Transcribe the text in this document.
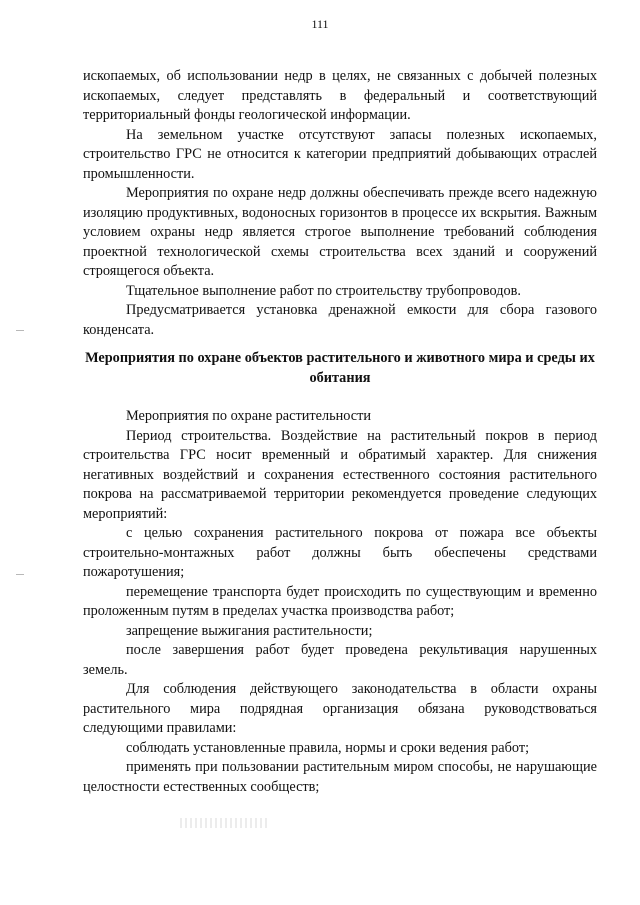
111

ископаемых, об использовании недр в целях, не связанных с добычей полезных ископаемых, следует представлять в федеральный и соответствующий территориальный фонды геологической информации.

На земельном участке отсутствуют запасы полезных ископаемых, строительство ГРС не относится к категории предприятий добывающих отраслей промышленности.

Мероприятия по охране недр должны обеспечивать прежде всего надежную изоляцию продуктивных, водоносных горизонтов в процессе их вскрытия. Важным условием охраны недр является строгое выполнение требований соблюдения проектной технологической схемы строительства всех зданий и сооружений строящегося объекта.

Тщательное выполнение работ по строительству трубопроводов.

Предусматривается установка дренажной емкости для сбора газового конденсата.

Мероприятия по охране объектов растительного и животного мира и среды их обитания

Мероприятия по охране растительности

Период строительства. Воздействие на растительный покров в период строительства ГРС носит временный и обратимый характер. Для снижения негативных воздействий и сохранения естественного состояния растительного покрова на рассматриваемой территории рекомендуется проведение следующих мероприятий:

с целью сохранения растительного покрова от пожара все объекты строительно-монтажных работ должны быть обеспечены средствами пожаротушения;

перемещение транспорта будет происходить по существующим и временно проложенным путям в пределах участка производства работ;

запрещение выжигания растительности;

после завершения работ будет проведена рекультивация нарушенных земель.

Для соблюдения действующего законодательства в области охраны растительного мира подрядная организация обязана руководствоваться следующими правилами:

соблюдать установленные правила, нормы и сроки ведения работ;

применять при пользовании растительным миром способы, не нарушающие целостности естественных сообществ;
